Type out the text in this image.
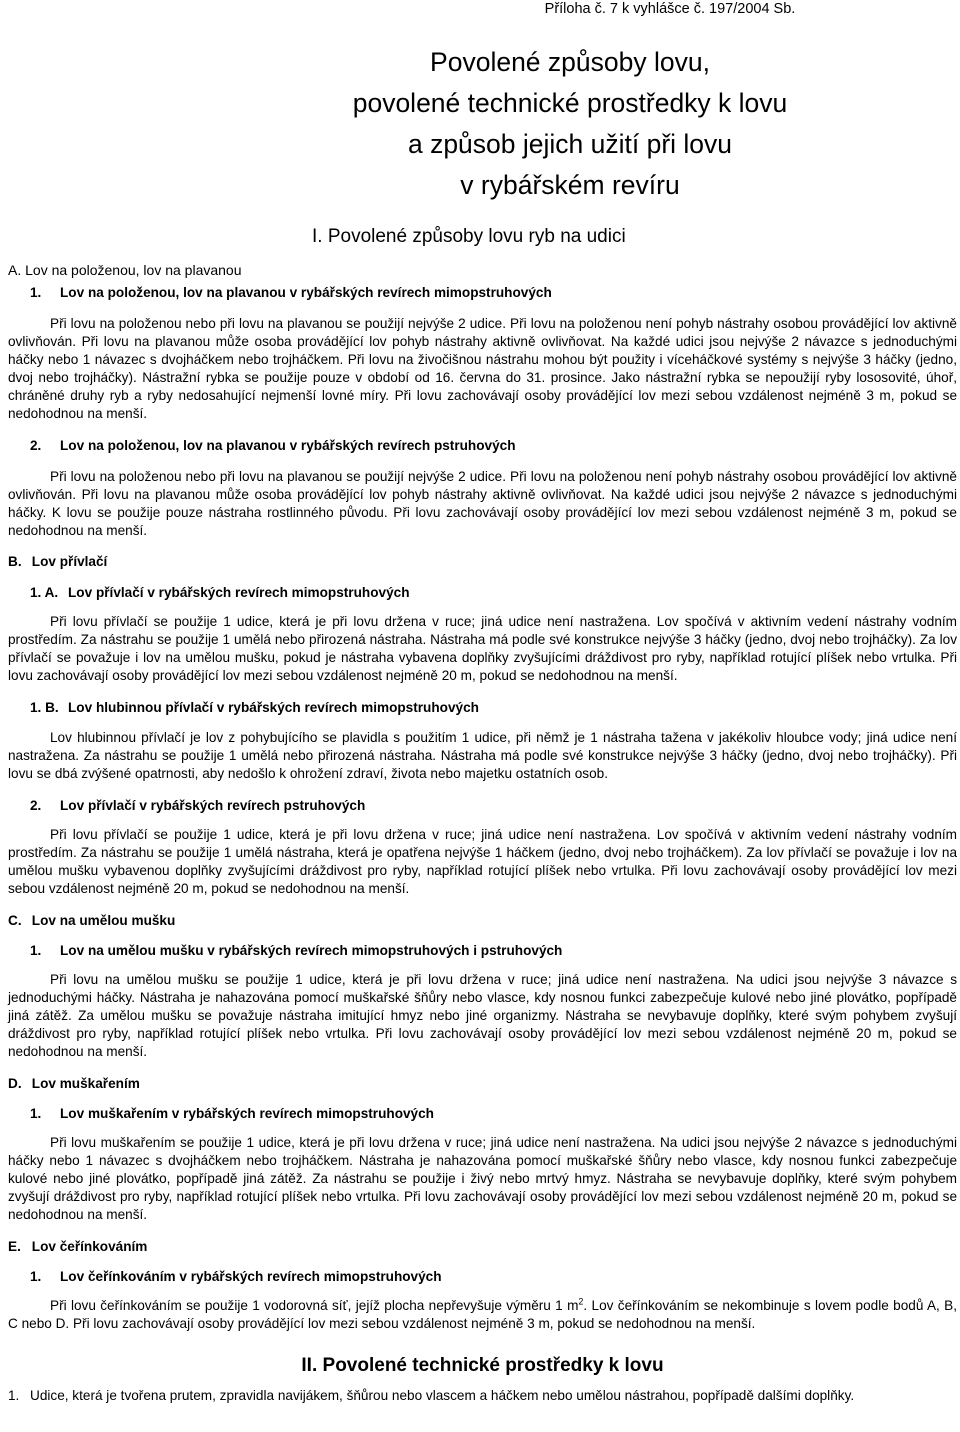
Příloha č. 7 k vyhlášce č. 197/2004 Sb.
Povolené způsoby lovu,
povolené technické prostředky k lovu
a způsob jejich užití při lovu
v rybářském revíru
I. Povolené způsoby lovu ryb na udici
A. Lov na položenou, lov na plavanou

1. Lov na položenou, lov na plavanou v rybářských revírech mimopstruhových

Při lovu na položenou nebo při lovu na plavanou se použijí nejvýše 2 udice. Při lovu na položenou není pohyb nástrahy osobou provádějící lov aktivně ovlivňován. Při lovu na plavanou může osoba provádějící lov pohyb nástrahy aktivně ovlivňovat. Na každé udici jsou nejvýše 2 návazce s jednoduchými háčky nebo 1 návazec s dvojháčkem nebo trojháčkem. Při lovu na živočišnou nástrahu mohou být použity i víceháčkové systémy s nejvýše 3 háčky (jedno, dvoj nebo trojháčky). Nástražní rybka se použije pouze v období od 16. června do 31. prosince. Jako nástražní rybka se nepoužijí ryby lososovité, úhoř, chráněné druhy ryb a ryby nedosahující nejmenší lovné míry. Při lovu zachovávají osoby provádějící lov mezi sebou vzdálenost nejméně 3 m, pokud se nedohodnou na menší.

2. Lov na položenou, lov na plavanou v rybářských revírech pstruhových

Při lovu na položenou nebo při lovu na plavanou se použijí nejvýše 2 udice. Při lovu na položenou není pohyb nástrahy osobou provádějící lov aktivně ovlivňován. Při lovu na plavanou může osoba provádějící lov pohyb nástrahy aktivně ovlivňovat. Na každé udici jsou nejvýše 2 návazce s jednoduchými háčky. K lovu se použije pouze nástraha rostlinného původu. Při lovu zachovávají osoby provádějící lov mezi sebou vzdálenost nejméně 3 m, pokud se nedohodnou na menší.

B. Lov přívlačí

1. A. Lov přívlačí v rybářských revírech mimopstruhových

Při lovu přívlačí se použije 1 udice, která je při lovu držena v ruce; jiná udice není nastražena. Lov spočívá v aktivním vedení nástrahy vodním prostředím. Za nástrahu se použije 1 umělá nebo přirozená nástraha. Nástraha má podle své konstrukce nejvýše 3 háčky (jedno, dvoj nebo trojháčky). Za lov přívlačí se považuje i lov na umělou mušku, pokud je nástraha vybavena doplňky zvyšujícími dráždivost pro ryby, například rotující plíšek nebo vrtulka. Při lovu zachovávají osoby provádějící lov mezi sebou vzdálenost nejméně 20 m, pokud se nedohodnou na menší.

1. B. Lov hlubinnou přívlačí v rybářských revírech mimopstruhových

Lov hlubinnou přívlačí je lov z pohybujícího se plavidla s použitím 1 udice, při němž je 1 nástraha tažena v jakékoliv hloubce vody; jiná udice není nastražena. Za nástrahu se použije 1 umělá nebo přirozená nástraha. Nástraha má podle své konstrukce nejvýše 3 háčky (jedno, dvoj nebo trojháčky). Při lovu se dbá zvýšené opatrnosti, aby nedošlo k ohrožení zdraví, života nebo majetku ostatních osob.

2. Lov přívlačí v rybářských revírech pstruhových

Při lovu přívlačí se použije 1 udice, která je při lovu držena v ruce; jiná udice není nastražena. Lov spočívá v aktivním vedení nástrahy vodním prostředím. Za nástrahu se použije 1 umělá nástraha, která je opatřena nejvýše 1 háčkem (jedno, dvoj nebo trojháčkem). Za lov přívlačí se považuje i lov na umělou mušku vybavenou doplňky zvyšujícími dráždivost pro ryby, například rotující plíšek nebo vrtulka. Při lovu zachovávají osoby provádějící lov mezi sebou vzdálenost nejméně 20 m, pokud se nedohodnou na menší.

C. Lov na umělou mušku

1. Lov na umělou mušku v rybářských revírech mimopstruhových i pstruhových

Při lovu na umělou mušku se použije 1 udice, která je při lovu držena v ruce; jiná udice není nastražena. Na udici jsou nejvýše 3 návazce s jednoduchými háčky. Nástraha je nahazována pomocí muškařské šňůry nebo vlasce, kdy nosnou funkci zabezpečuje kulové nebo jiné plovátko, popřípadě jiná zátěž. Za umělou mušku se považuje nástraha imitující hmyz nebo jiné organizmy. Nástraha se nevybavuje doplňky, které svým pohybem zvyšují dráždivost pro ryby, například rotující plíšek nebo vrtulka. Při lovu zachovávají osoby provádějící lov mezi sebou vzdálenost nejméně 20 m, pokud se nedohodnou na menší.

D. Lov muškařením

1. Lov muškařením v rybářských revírech mimopstruhových

Při lovu muškařením se použije 1 udice, která je při lovu držena v ruce; jiná udice není nastražena. Na udici jsou nejvýše 2 návazce s jednoduchými háčky nebo 1 návazec s dvojháčkem nebo trojháčkem. Nástraha je nahazována pomocí muškařské šňůry nebo vlasce, kdy nosnou funkci zabezpečuje kulové nebo jiné plovátko, popřípadě jiná zátěž. Za nástrahu se použije i živý nebo mrtvý hmyz. Nástraha se nevybavuje doplňky, které svým pohybem zvyšují dráždivost pro ryby, například rotující plíšek nebo vrtulka. Při lovu zachovávají osoby provádějící lov mezi sebou vzdálenost nejméně 20 m, pokud se nedohodnou na menší.

E. Lov čeřínkováním

1. Lov čeřínkováním v rybářských revírech mimopstruhových

Při lovu čeřínkováním se použije 1 vodorovná síť, jejíž plocha nepřevyšuje výměru 1 $m^2$. Lov čeřínkováním se nekombinuje s lovem podle bodů A, B, C nebo D. Při lovu zachovávají osoby provádějící lov mezi sebou vzdálenost nejméně 3 m, pokud se nedohodnou na menší.

II. Povolené technické prostředky k lovu

1. Udice, která je tvořena prutem, zpravidla navijákem, šňůrou nebo vlascem a háčkem nebo umělou nástrahou, popřípadě dalšími doplňky.
